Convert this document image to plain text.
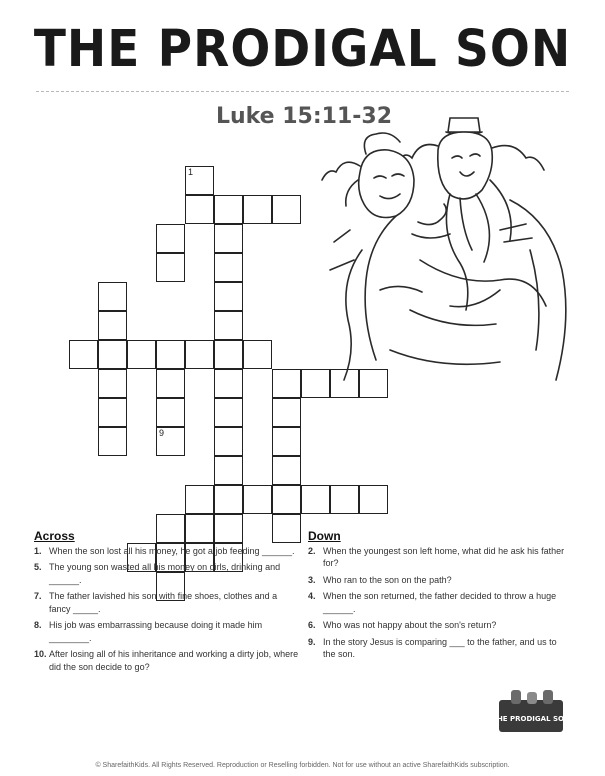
THE PRODIGAL SON
Luke 15:11-32
1
9
Across
1. When the son lost all his money, he got a job feeding ______.
5. The young son wasted all his money on girls, drinking and ______.
7. The father lavished his son with fine shoes, clothes and a fancy _____.
8. His job was embarrassing because doing it made him ________.
10. After losing all of his inheritance and working a dirty job, where did the son decide to go?
Down
2. When the youngest son left home, what did he ask his father for?
3. Who ran to the son on the path?
4. When the son returned, the father decided to throw a huge ______.
6. Who was not happy about the son's return?
9. In the story Jesus is comparing ___ to the father, and us to the son.
THE PRODIGAL SON
© SharefaithKids. All Rights Reserved. Reproduction or Reselling forbidden. Not for use without an active SharefaithKids subscription.
